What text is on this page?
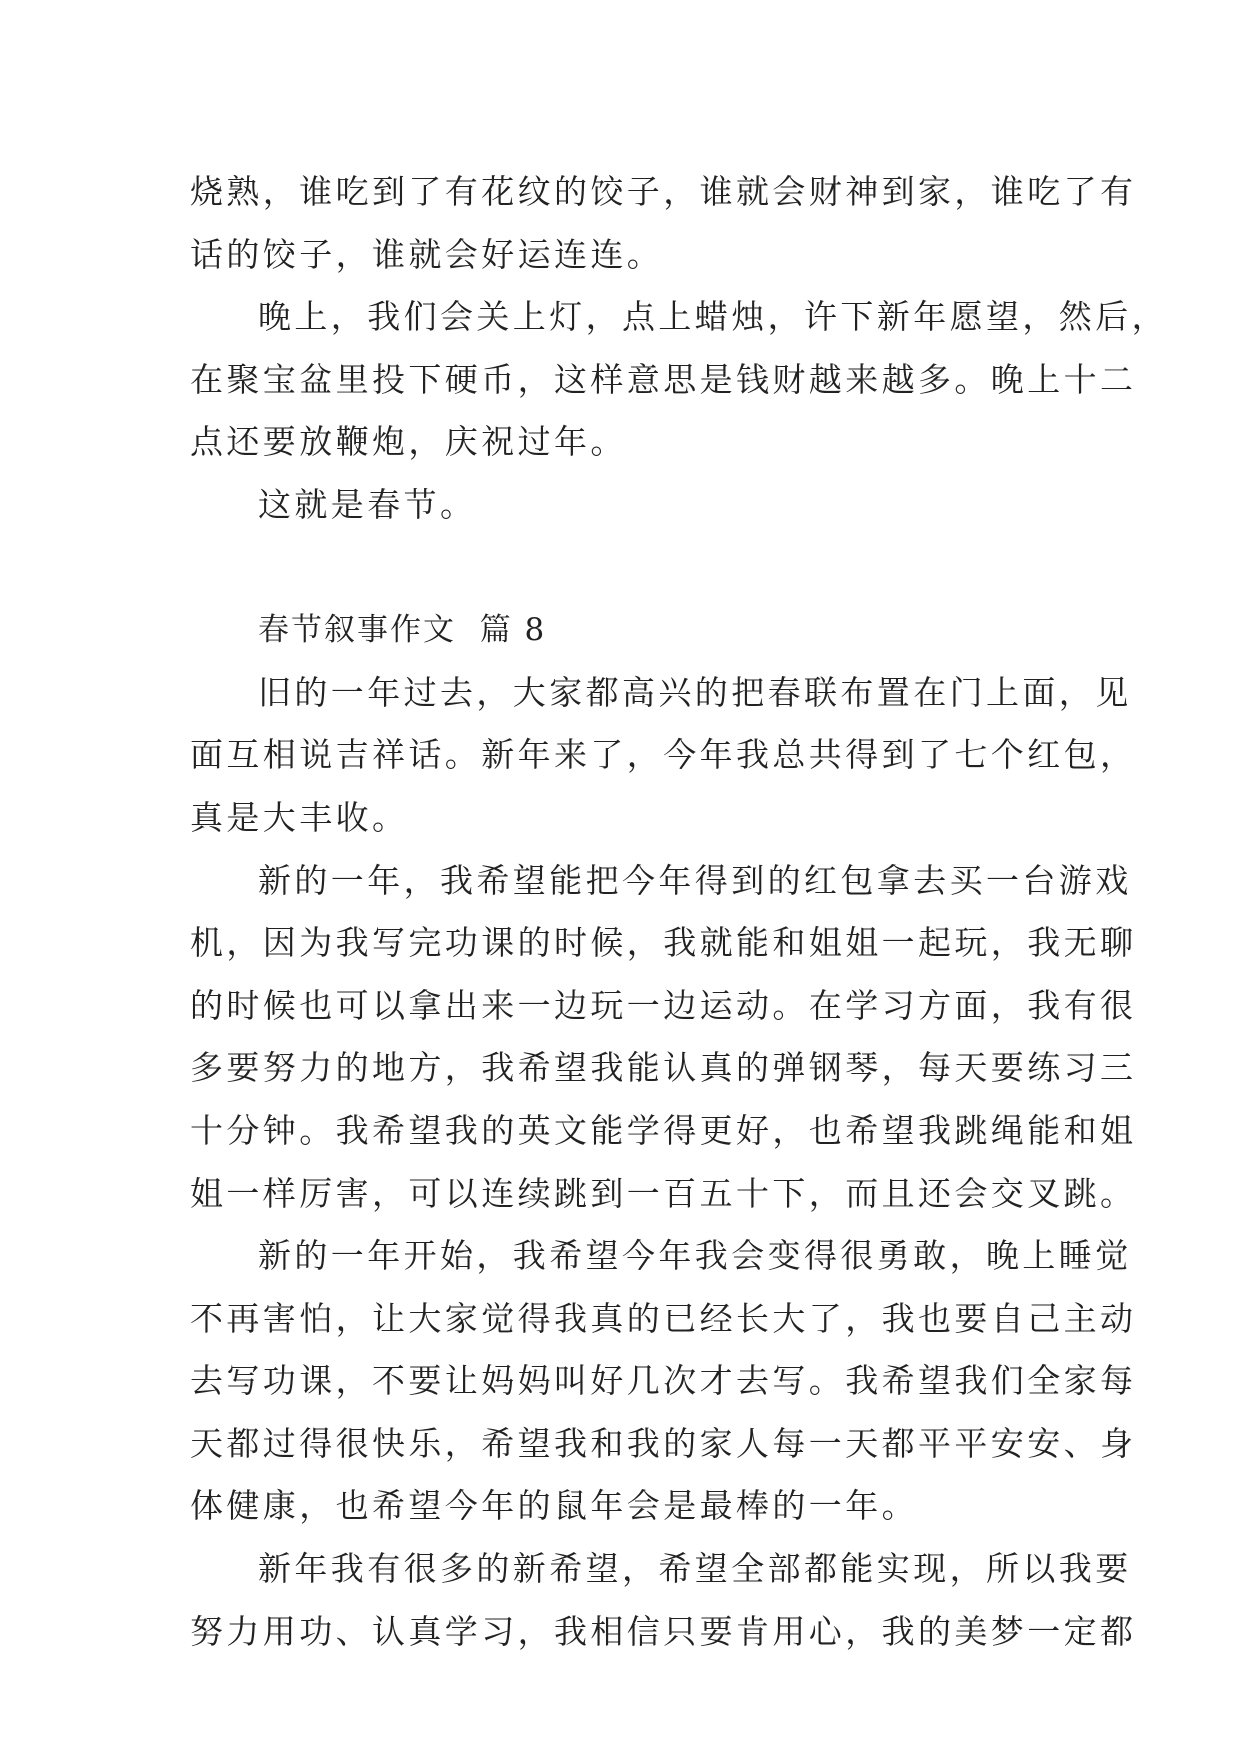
烧熟，谁吃到了有花纹的饺子，谁就会财神到家，谁吃了有
话的饺子，谁就会好运连连。
晚上，我们会关上灯，点上蜡烛，许下新年愿望，然后，
在聚宝盆里投下硬币，这样意思是钱财越来越多。晚上十二
点还要放鞭炮，庆祝过年。
这就是春节。
春节叙事作文  篇 8
旧的一年过去，大家都高兴的把春联布置在门上面，见
面互相说吉祥话。新年来了，今年我总共得到了七个红包，
真是大丰收。
新的一年，我希望能把今年得到的红包拿去买一台游戏
机，因为我写完功课的时候，我就能和姐姐一起玩，我无聊
的时候也可以拿出来一边玩一边运动。在学习方面，我有很
多要努力的地方，我希望我能认真的弹钢琴，每天要练习三
十分钟。我希望我的英文能学得更好，也希望我跳绳能和姐
姐一样厉害，可以连续跳到一百五十下，而且还会交叉跳。
新的一年开始，我希望今年我会变得很勇敢，晚上睡觉
不再害怕，让大家觉得我真的已经长大了，我也要自己主动
去写功课，不要让妈妈叫好几次才去写。我希望我们全家每
天都过得很快乐，希望我和我的家人每一天都平平安安、身
体健康，也希望今年的鼠年会是最棒的一年。
新年我有很多的新希望，希望全部都能实现，所以我要
努力用功、认真学习，我相信只要肯用心，我的美梦一定都
